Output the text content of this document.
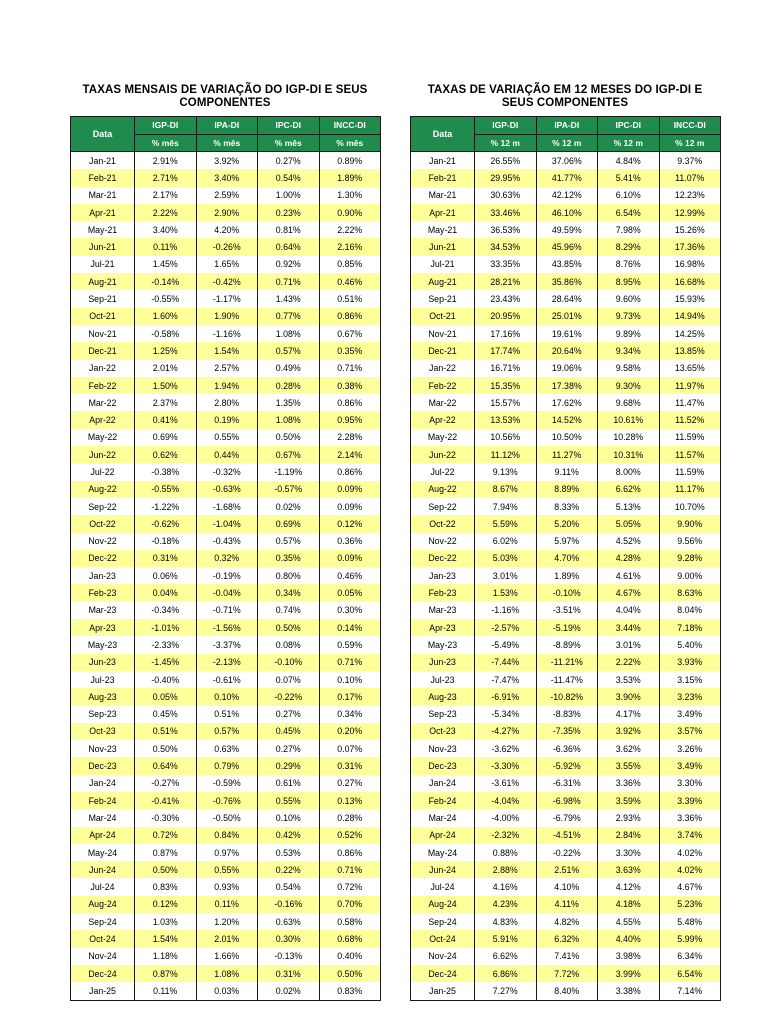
TAXAS MENSAIS DE VARIAÇÃO DO IGP-DI E SEUS
COMPONENTES
Data	IGP-DI	IPA-DI	IPC-DI	INCC-DI
	% mês	% mês	% mês	% mês
Jan-21	2.91%	3.92%	0.27%	0.89%
Feb-21	2.71%	3.40%	0.54%	1.89%
Mar-21	2.17%	2.59%	1.00%	1.30%
Apr-21	2.22%	2.90%	0.23%	0.90%
May-21	3.40%	4.20%	0.81%	2.22%
Jun-21	0.11%	-0.26%	0.64%	2.16%
Jul-21	1.45%	1.65%	0.92%	0.85%
Aug-21	-0.14%	-0.42%	0.71%	0.46%
Sep-21	-0.55%	-1.17%	1.43%	0.51%
Oct-21	1.60%	1.90%	0.77%	0.86%
Nov-21	-0.58%	-1.16%	1.08%	0.67%
Dec-21	1.25%	1.54%	0.57%	0.35%
Jan-22	2.01%	2.57%	0.49%	0.71%
Feb-22	1.50%	1.94%	0.28%	0.38%
Mar-22	2.37%	2.80%	1.35%	0.86%
Apr-22	0.41%	0.19%	1.08%	0.95%
May-22	0.69%	0.55%	0.50%	2.28%
Jun-22	0.62%	0.44%	0.67%	2.14%
Jul-22	-0.38%	-0.32%	-1.19%	0.86%
Aug-22	-0.55%	-0.63%	-0.57%	0.09%
Sep-22	-1.22%	-1.68%	0.02%	0.09%
Oct-22	-0.62%	-1.04%	0.69%	0.12%
Nov-22	-0.18%	-0.43%	0.57%	0.36%
Dec-22	0.31%	0.32%	0.35%	0.09%
Jan-23	0.06%	-0.19%	0.80%	0.46%
Feb-23	0.04%	-0.04%	0.34%	0.05%
Mar-23	-0.34%	-0.71%	0.74%	0.30%
Apr-23	-1.01%	-1.56%	0.50%	0.14%
May-23	-2.33%	-3.37%	0.08%	0.59%
Jun-23	-1.45%	-2.13%	-0.10%	0.71%
Jul-23	-0.40%	-0.61%	0.07%	0.10%
Aug-23	0.05%	0.10%	-0.22%	0.17%
Sep-23	0.45%	0.51%	0.27%	0.34%
Oct-23	0.51%	0.57%	0.45%	0.20%
Nov-23	0.50%	0.63%	0.27%	0.07%
Dec-23	0.64%	0.79%	0.29%	0.31%
Jan-24	-0.27%	-0.59%	0.61%	0.27%
Feb-24	-0.41%	-0.76%	0.55%	0.13%
Mar-24	-0.30%	-0.50%	0.10%	0.28%
Apr-24	0.72%	0.84%	0.42%	0.52%
May-24	0.87%	0.97%	0.53%	0.86%
Jun-24	0.50%	0.55%	0.22%	0.71%
Jul-24	0.83%	0.93%	0.54%	0.72%
Aug-24	0.12%	0.11%	-0.16%	0.70%
Sep-24	1.03%	1.20%	0.63%	0.58%
Oct-24	1.54%	2.01%	0.30%	0.68%
Nov-24	1.18%	1.66%	-0.13%	0.40%
Dec-24	0.87%	1.08%	0.31%	0.50%
Jan-25	0.11%	0.03%	0.02%	0.83%
TAXAS DE VARIAÇÃO EM 12 MESES DO IGP-DI E
SEUS COMPONENTES
Data	IGP-DI	IPA-DI	IPC-DI	INCC-DI
	% 12 m	% 12 m	% 12 m	% 12 m
Jan-21	26.55%	37.06%	4.84%	9.37%
Feb-21	29.95%	41.77%	5.41%	11.07%
Mar-21	30.63%	42.12%	6.10%	12.23%
Apr-21	33.46%	46.10%	6.54%	12.99%
May-21	36.53%	49.59%	7.98%	15.26%
Jun-21	34.53%	45.96%	8.29%	17.36%
Jul-21	33.35%	43.85%	8.76%	16.98%
Aug-21	28.21%	35.86%	8.95%	16.68%
Sep-21	23.43%	28.64%	9.60%	15.93%
Oct-21	20.95%	25.01%	9.73%	14.94%
Nov-21	17.16%	19.61%	9.89%	14.25%
Dec-21	17.74%	20.64%	9.34%	13.85%
Jan-22	16.71%	19.06%	9.58%	13.65%
Feb-22	15.35%	17.38%	9.30%	11.97%
Mar-22	15.57%	17.62%	9.68%	11.47%
Apr-22	13.53%	14.52%	10.61%	11.52%
May-22	10.56%	10.50%	10.28%	11.59%
Jun-22	11.12%	11.27%	10.31%	11.57%
Jul-22	9.13%	9.11%	8.00%	11.59%
Aug-22	8.67%	8.89%	6.62%	11.17%
Sep-22	7.94%	8.33%	5.13%	10.70%
Oct-22	5.59%	5.20%	5.05%	9.90%
Nov-22	6.02%	5.97%	4.52%	9.56%
Dec-22	5.03%	4.70%	4.28%	9.28%
Jan-23	3.01%	1.89%	4.61%	9.00%
Feb-23	1.53%	-0.10%	4.67%	8.63%
Mar-23	-1.16%	-3.51%	4.04%	8.04%
Apr-23	-2.57%	-5.19%	3.44%	7.18%
May-23	-5.49%	-8.89%	3.01%	5.40%
Jun-23	-7.44%	-11.21%	2.22%	3.93%
Jul-23	-7.47%	-11.47%	3.53%	3.15%
Aug-23	-6.91%	-10.82%	3.90%	3.23%
Sep-23	-5.34%	-8.83%	4.17%	3.49%
Oct-23	-4.27%	-7.35%	3.92%	3.57%
Nov-23	-3.62%	-6.36%	3.62%	3.26%
Dec-23	-3.30%	-5.92%	3.55%	3.49%
Jan-24	-3.61%	-6.31%	3.36%	3.30%
Feb-24	-4.04%	-6.98%	3.59%	3.39%
Mar-24	-4.00%	-6.79%	2.93%	3.36%
Apr-24	-2.32%	-4.51%	2.84%	3.74%
May-24	0.88%	-0.22%	3.30%	4.02%
Jun-24	2.88%	2.51%	3.63%	4.02%
Jul-24	4.16%	4.10%	4.12%	4.67%
Aug-24	4.23%	4.11%	4.18%	5.23%
Sep-24	4.83%	4.82%	4.55%	5.48%
Oct-24	5.91%	6.32%	4.40%	5.99%
Nov-24	6.62%	7.41%	3.98%	6.34%
Dec-24	6.86%	7.72%	3.99%	6.54%
Jan-25	7.27%	8.40%	3.38%	7.14%
